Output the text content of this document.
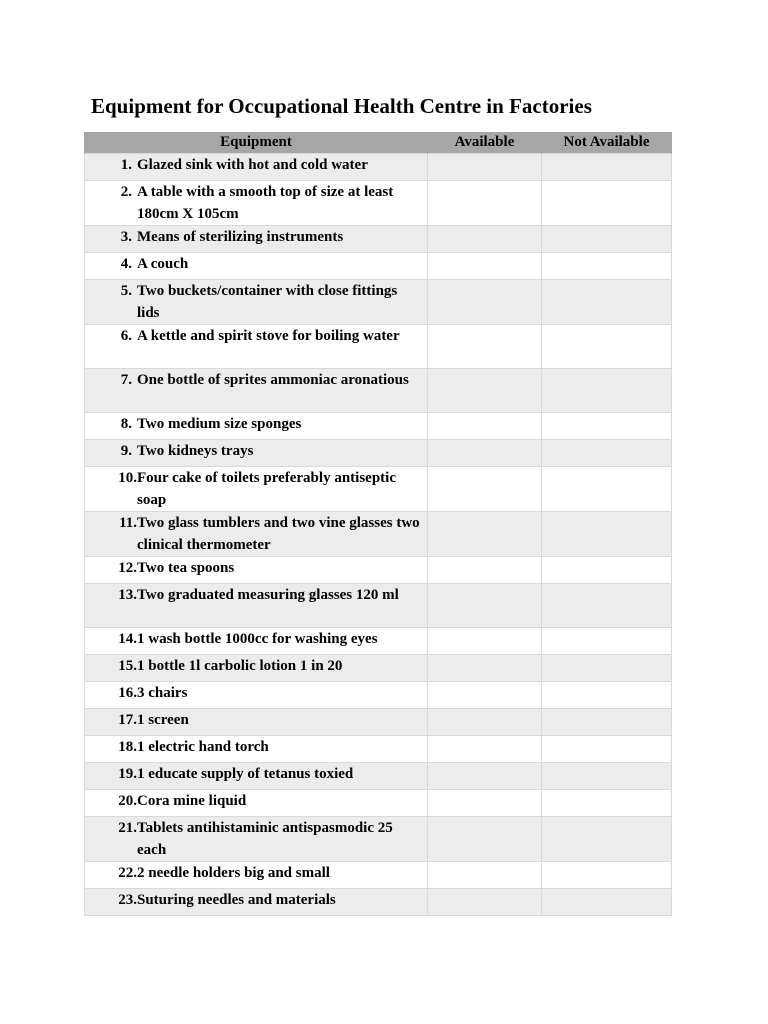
Equipment for Occupational Health Centre in Factories
Equipment	Available	Not Available

1. Glazed sink with hot and cold water		

2. A table with a smooth top of size at least 180cm X 105cm		

3. Means of sterilizing instruments		

4. A couch		

5. Two buckets/container with close fittings lids		

6. A kettle and spirit stove for boiling water		

7. One bottle of sprites ammoniac aronatious		

8. Two medium size sponges		

9. Two kidneys trays		

10. Four cake of toilets preferably antiseptic soap		

11. Two glass tumblers and two vine glasses two clinical thermometer		

12. Two tea spoons		

13. Two graduated measuring glasses 120 ml		

14. 1 wash bottle 1000cc for washing eyes		

15. 1 bottle 1l carbolic lotion 1 in 20		

16. 3 chairs		

17. 1 screen		

18. 1 electric hand torch		

19. 1 educate supply of tetanus toxied		

20. Cora mine liquid		

21. Tablets antihistaminic antispasmodic 25 each		

22. 2 needle holders big and small		

23. Suturing needles and materials		
